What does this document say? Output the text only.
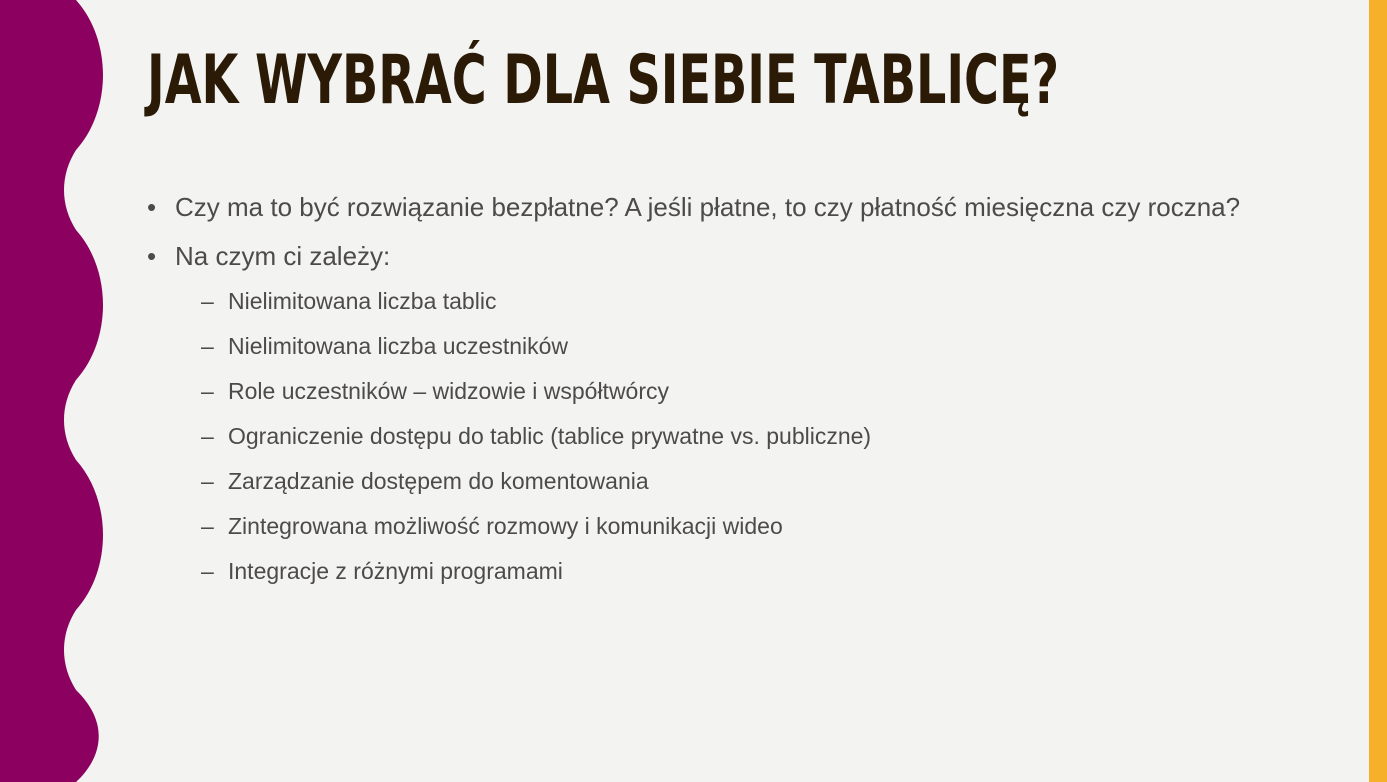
JAK WYBRAĆ DLA SIEBIE TABLICĘ?
• Czy ma to być rozwiązanie bezpłatne? A jeśli płatne, to czy płatność miesięczna czy roczna?
• Na czym ci zależy:
– Nielimitowana liczba tablic
– Nielimitowana liczba uczestników
– Role uczestników – widzowie i współtwórcy
– Ograniczenie dostępu do tablic (tablice prywatne vs. publiczne)
– Zarządzanie dostępem do komentowania
– Zintegrowana możliwość rozmowy i komunikacji wideo
– Integracje z różnymi programami
